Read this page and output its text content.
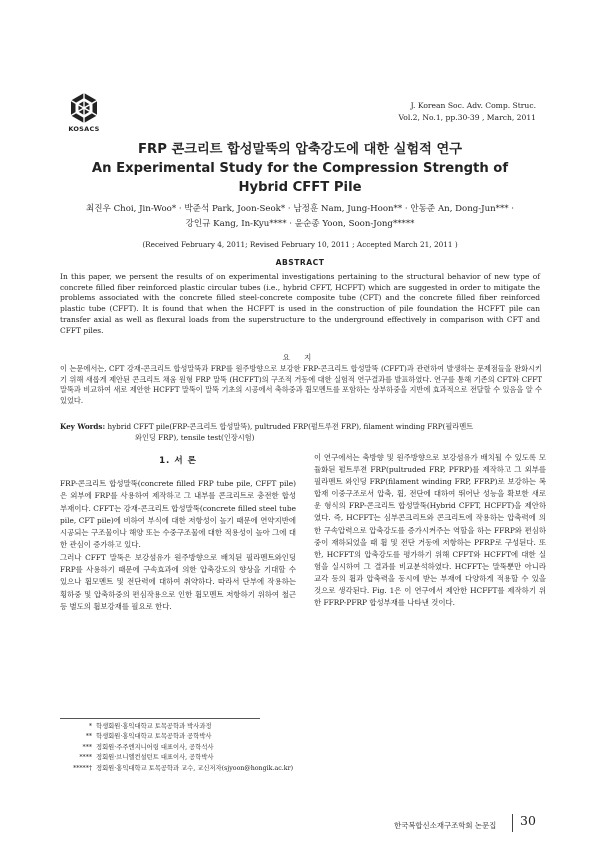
KOSACS
J. Korean Soc. Adv. Comp. Struc.
Vol.2, No.1, pp.30-39 , March, 2011
FRP 콘크리트 합성말뚝의 압축강도에 대한 실험적 연구
An Experimental Study for the Compression Strength of
Hybrid CFFT Pile
최진우 Choi, Jin-Woo* · 박준석 Park, Joon-Seok* · 남정훈 Nam, Jung-Hoon** · 안동준 An, Dong-Jun*** ·
강인규 Kang, In-Kyu**** · 윤순종 Yoon, Soon-Jong*****
(Received February 4, 2011; Revised February 10, 2011 ; Accepted March 21, 2011 )
ABSTRACT
In this paper, we persent the results of on experimental investigations pertaining to the structural behavior of new type of concrete filled fiber reinforced plastic circular tubes (i.e., hybrid CFFT, HCFFT) which are suggested in order to mitigate the problems associated with the concrete filled steel-concrete composite tube (CFT) and the concrete filled fiber reinforced plastic tube (CFFT). It is found that when the HCFFT is used in the construction of pile foundation the HCFFT pile can transfer axial as well as flexural loads from the superstructure to the underground effectively in comparison with CFT and CFFT piles.
요 지
이 논문에서는, CFT 강재-콘크리트 합성말뚝과 FRP를 원주방향으로 보강한 FRP-콘크리트 합성말뚝 (CFFT)과 관련하여 발생하는 문제점들을 완화시키기 위해 새롭게 제안된 콘크리트 채움 원형 FRP 말뚝 (HCFFT)의 구조적 거동에 대한 실험적 연구결과를 발표하였다. 연구를 통해 기존의 CFT와 CFFT 말뚝과 비교하여 새로 제안한 HCFFT 말뚝이 말뚝 기초의 시공에서 축하중과 휨모멘트를 포함하는 상부하중을 지반에 효과적으로 전달할 수 있음을 알 수 있었다.
Key Words: hybrid CFFT pile(FRP-콘크리트 합성말뚝), pultruded FRP(펄트루젼 FRP), filament winding FRP(필라멘트
와인딩 FRP), tensile test(인장시험)
1. 서 론

FRP-콘크리트 합성말뚝(concrete filled FRP tube pile, CFFT pile)은 외부에 FRP를 사용하여 제작하고 그 내부를 콘크리트로 충전한 합성부재이다. CFFT는 강재-콘크리트 합성말뚝(concrete filled steel tube pile, CFT pile)에 비하여 부식에 대한 저항성이 높기 때문에 연약지반에 시공되는 구조물이나 해양 또는 수중구조물에 대한 적용성이 높아 그에 대한 관심이 증가하고 있다.

그러나 CFFT 말뚝은 보강섬유가 원주방향으로 배치된 필라멘트와인딩 FRP를 사용하기 때문에 구속효과에 의한 압축강도의 향상을 기대할 수 있으나 휨모멘트 및 전단력에 대하여 취약하다. 따라서 단부에 작용하는 횡하중 및 압축하중의 편심작용으로 인한 휨모멘트 저항하기 위하여 철근 등 별도의 휨보강재를 필요로 한다.

이 연구에서는 축방향 및 원주방향으로 보강섬유가 배치될 수 있도록 모듈화된 펄트루젼 FRP(pultruded FRP, PFRP)를 제작하고 그 외부를 필라멘트 와인딩 FRP(filament winding FRP, FFRP)로 보강하는 복합재 이중구조로서 압축, 휨, 전단에 대하여 뛰어난 성능을 확보한 새로운 형식의 FRP-콘크리트 합성말뚝(Hybrid CFFT, HCFFT)을 제안하였다. 즉, HCFFT는 심부콘크리트와 콘크리트에 작용하는 압축력에 의한 구속압력으로 압축강도를 증가시켜주는 역할을 하는 FFRP와 편심하중이 재하되었을 때 휨 및 전단 거동에 저항하는 PFRP로 구성된다. 또한, HCFFT의 압축강도를 평가하기 위해 CFFT와 HCFFT에 대한 실험을 실시하여 그 결과를 비교분석하였다. HCFFT는 말뚝뿐만 아니라 교각 등의 휨과 압축력을 동시에 받는 부재에 다양하게 적용할 수 있을 것으로 생각된다. Fig. 1은 이 연구에서 제안한 HCFFT를 제작하기 위한 FFRP-PFRP 합성부재를 나타낸 것이다.

* 학생회원·홍익대학교 토목공학과 박사과정
** 학생회원·홍익대학교 토목공학과 공학박사
*** 정회원·주주엔지니어링 대표이사, 공학석사
**** 정회원·브니엘컨설턴트 대표이사, 공학박사
*****† 정회원·홍익대학교 토목공학과 교수, 교신저자(sjyoon@hongik.ac.kr)
한국복합신소재구조학회 논문집 30
